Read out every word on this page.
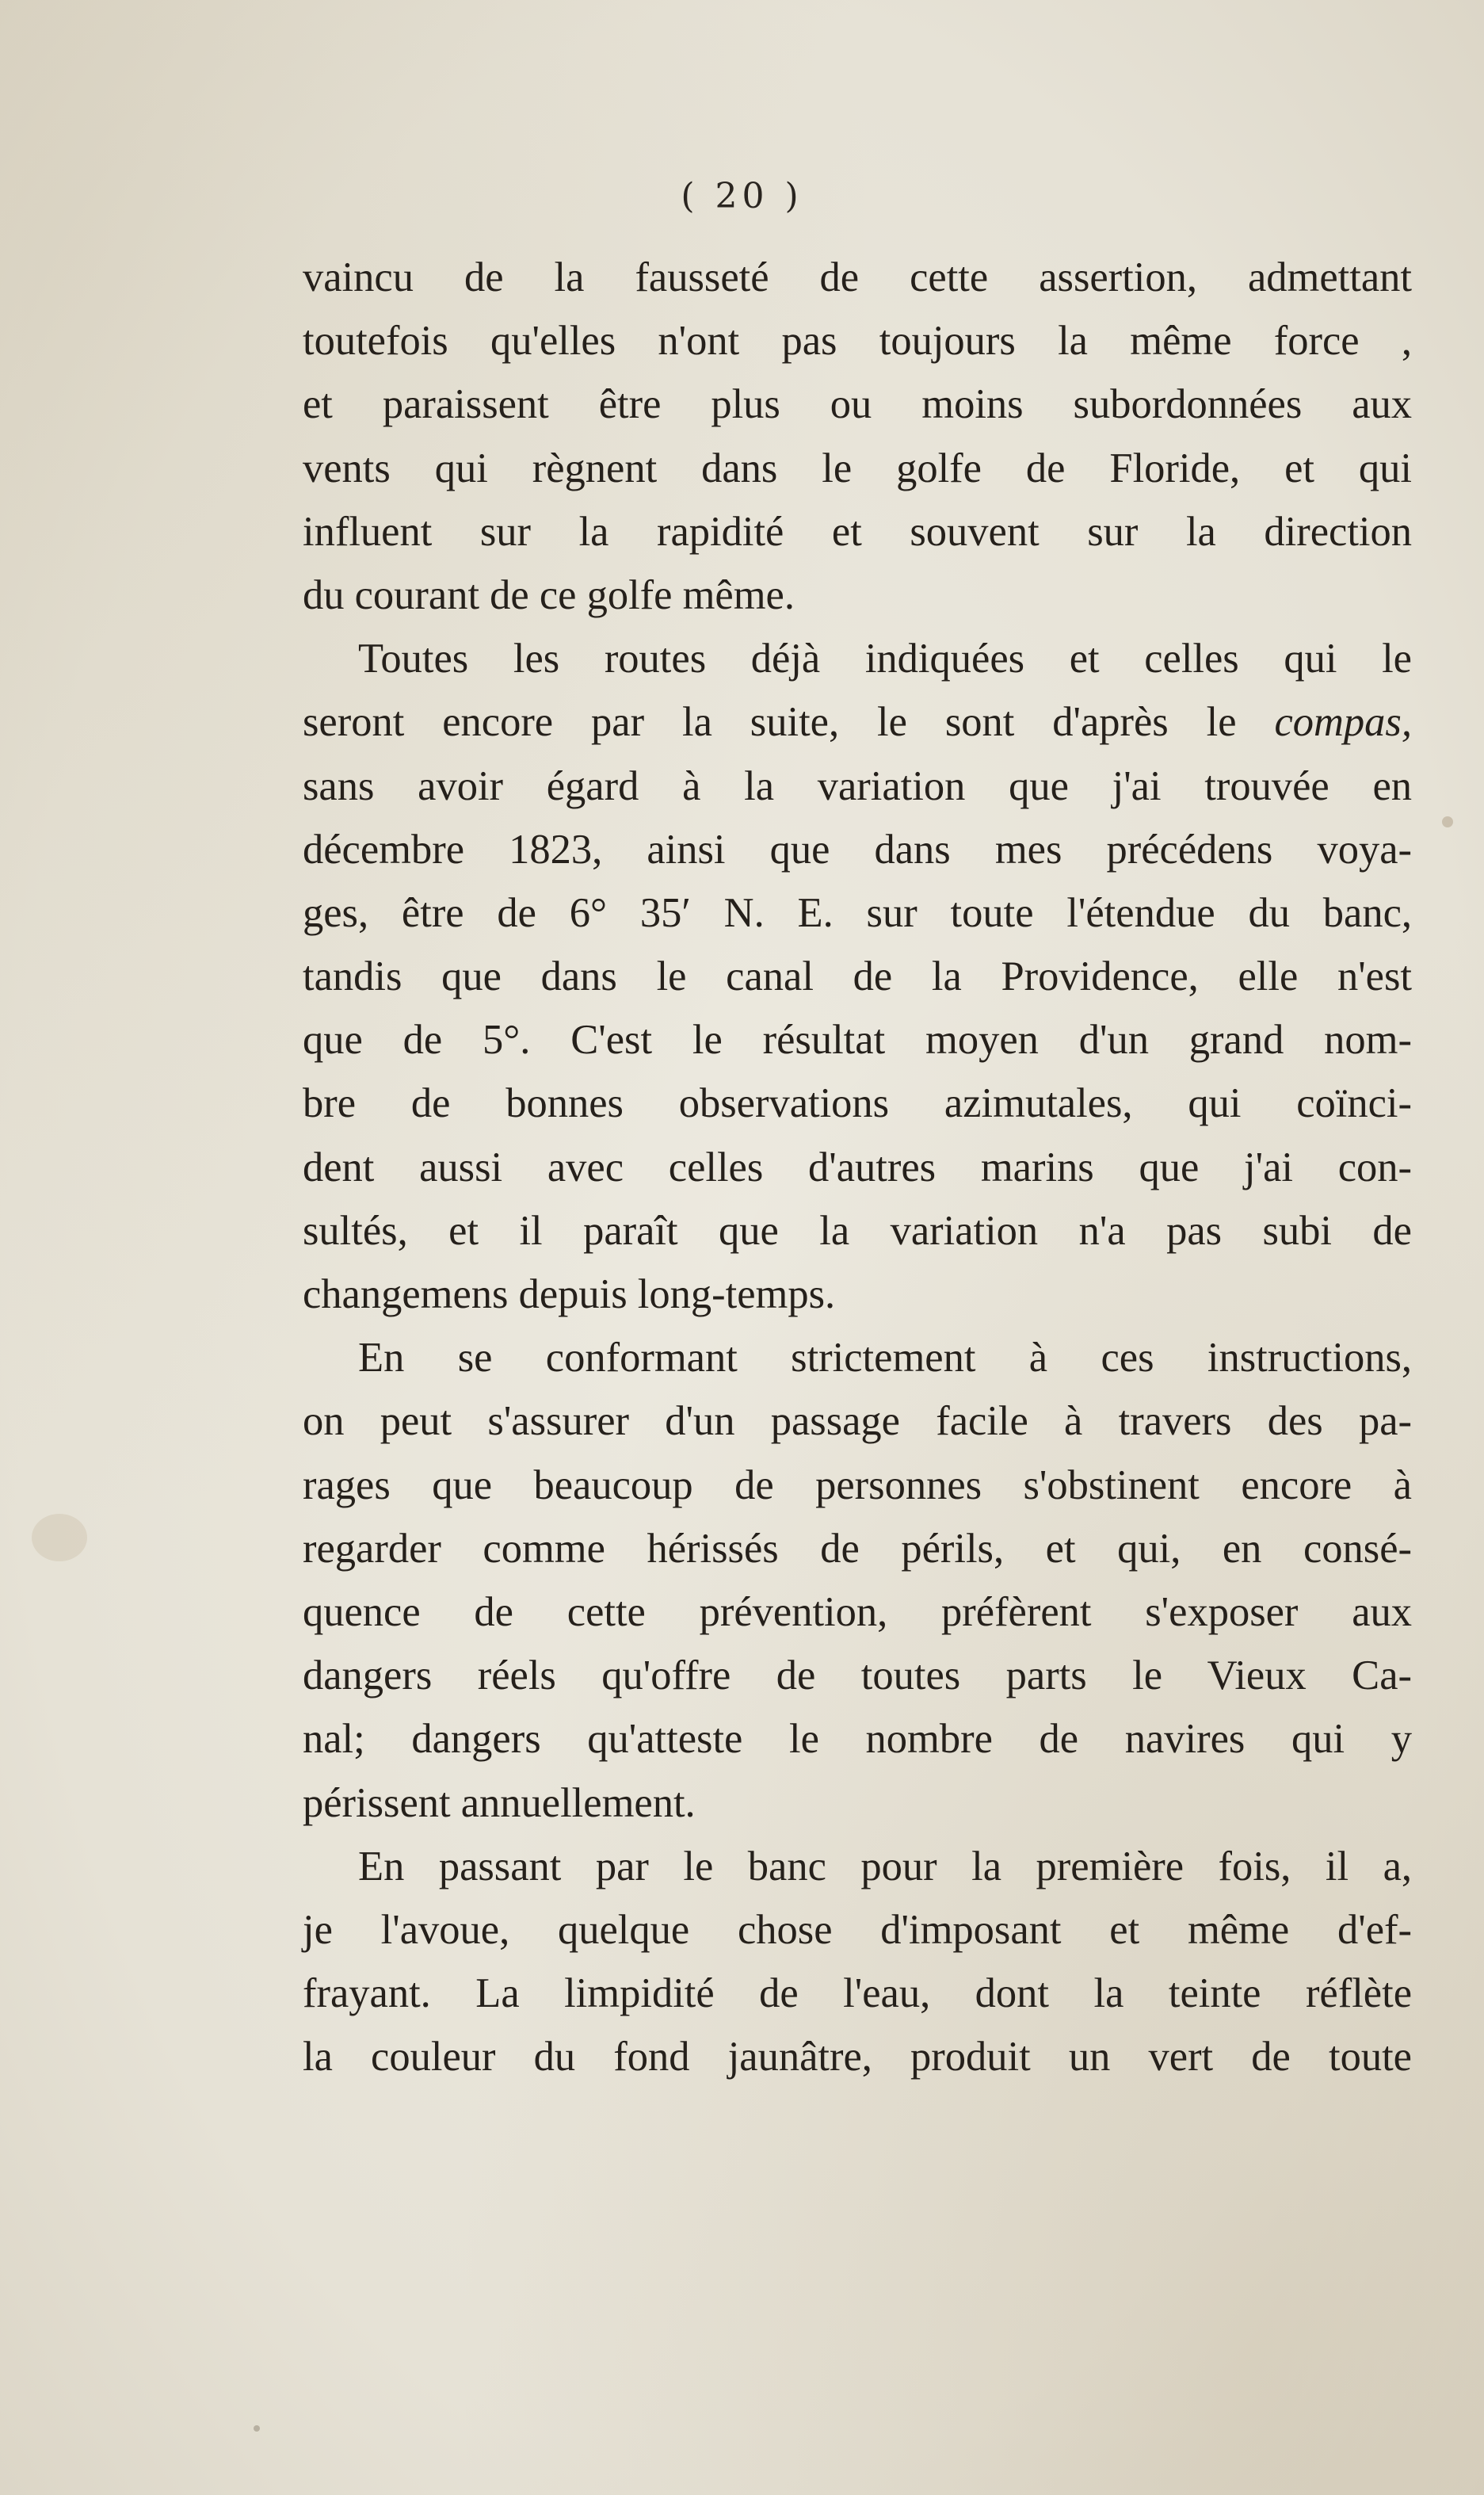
( 20 )
vaincu de la fausseté de cette assertion, admettant
toutefois qu'elles n'ont pas toujours la même force ,
et paraissent être plus ou moins subordonnées aux
vents qui règnent dans le golfe de Floride, et qui
influent sur la rapidité et souvent sur la direction
du courant de ce golfe même.
Toutes les routes déjà indiquées et celles qui le
seront encore par la suite, le sont d'après le compas,
sans avoir égard à la variation que j'ai trouvée en
décembre 1823, ainsi que dans mes précédens voya-
ges, être de 6° 35′ N. E. sur toute l'étendue du banc,
tandis que dans le canal de la Providence, elle n'est
que de 5°. C'est le résultat moyen d'un grand nom-
bre de bonnes observations azimutales, qui coïnci-
dent aussi avec celles d'autres marins que j'ai con-
sultés, et il paraît que la variation n'a pas subi de
changemens depuis long-temps.
En se conformant strictement à ces instructions,
on peut s'assurer d'un passage facile à travers des pa-
rages que beaucoup de personnes s'obstinent encore à
regarder comme hérissés de périls, et qui, en consé-
quence de cette prévention, préfèrent s'exposer aux
dangers réels qu'offre de toutes parts le Vieux Ca-
nal; dangers qu'atteste le nombre de navires qui y
périssent annuellement.
En passant par le banc pour la première fois, il a,
je l'avoue, quelque chose d'imposant et même d'ef-
frayant. La limpidité de l'eau, dont la teinte réflète
la couleur du fond jaunâtre, produit un vert de toute
